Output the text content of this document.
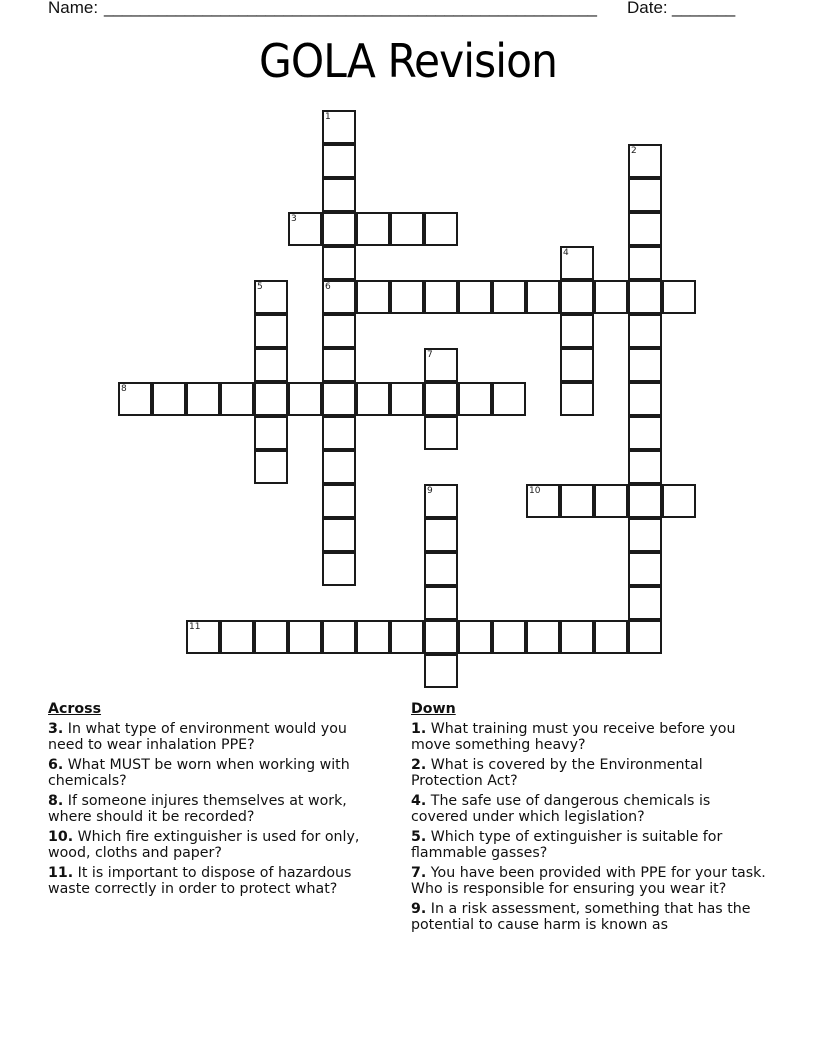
Name: _______________________________________________________ Date: _______
GOLA Revision
1
6
2
3
4
5
7
8
9	10
11
Across
3. In what type of environment would you need to wear inhalation PPE?
6. What MUST be worn when working with chemicals?
8. If someone injures themselves at work, where should it be recorded?
10. Which fire extinguisher is used for only, wood, cloths and paper?
11. It is important to dispose of hazardous waste correctly in order to protect what?
Down
1. What training must you receive before you move something heavy?
2. What is covered by the Environmental Protection Act?
4. The safe use of dangerous chemicals is covered under which legislation?
5. Which type of extinguisher is suitable for flammable gasses?
7. You have been provided with PPE for your task. Who is responsible for ensuring you wear it?
9. In a risk assessment, something that has the potential to cause harm is known as
